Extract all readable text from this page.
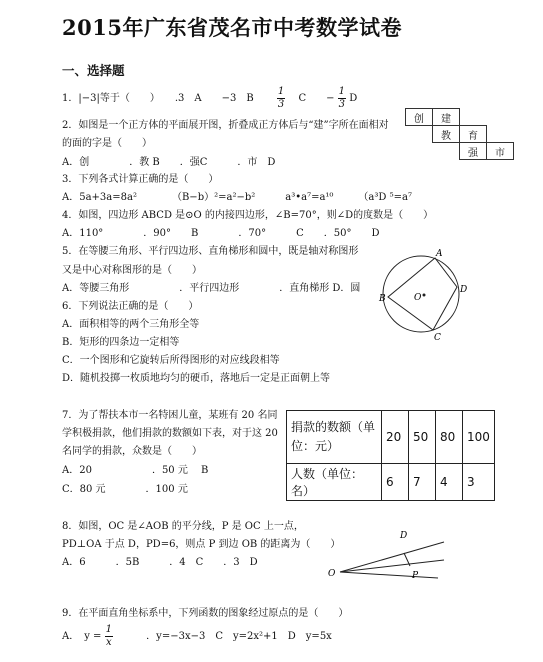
2015年广东省茂名市中考数学试卷
一、选择题
1．|−3|等于（　　）　　.3　A　　−3　B　　 $\frac{1}{3}$ 　C　　− $\frac{1}{3}$ D
2．如图是一个正方体的平面展开图，折叠成正方体后与“建”字所在面相对
的面的字是（　　）
A．创　　　　．教 B　　．强C　　　．市　D
创	建		
	教	育	
		强	市
3．下列各式计算正确的是（　　）
A．5a+3a=8a²　　　　（B−b）²=a²−b²　　　a³•a⁷=a¹⁰　　　（a³D ⁵=a⁷
4．如图，四边形 ABCD 是⊙O 的内接四边形，∠B=70°，则∠D的度数是（　　）
A．110°　　　　．90°　　B　　　　．70°　　　C　　．50°　　D
5．在等腰三角形、平行四边形、直角梯形和圆中，既是轴对称图形
又是中心对称图形的是（　　）
A．等腰三角形　　　　　．平行四边形　　　　．直角梯形 D．圆
A
B
C
D
O
6．下列说法正确的是（　　）
A．面积相等的两个三角形全等
B．矩形的四条边一定相等
C．一个图形和它旋转后所得图形的对应线段相等
D．随机投掷一枚质地均匀的硬币，落地后一定是正面朝上等
7．为了帮扶本市一名特困儿童，某班有 20 名同
学积极捐款，他们捐款的数额如下表，对于这 20
名同学的捐款，众数是（　　）
A．20　　　　　　．50 元　 B
C．80 元　　　　．100 元
捐款的数额（单位：元）	20	50	80	100
人数（单位：名）	6	7	4	3
8．如图，OC 是∠AOB 的平分线，P 是 OC 上一点，
PD⊥OA 于点 D，PD=6，则点 P 到边 OB 的距离为（　　）
A．6　　　．5B　　　．4　C　　．3　D
D
P
O
9．在平面直角坐标系中，下列函数的图象经过原点的是（　　）
A．　$y = \frac{1}{x}$ 　　　．y=−3x−3　C　y=2x²+1　D　y=5x
